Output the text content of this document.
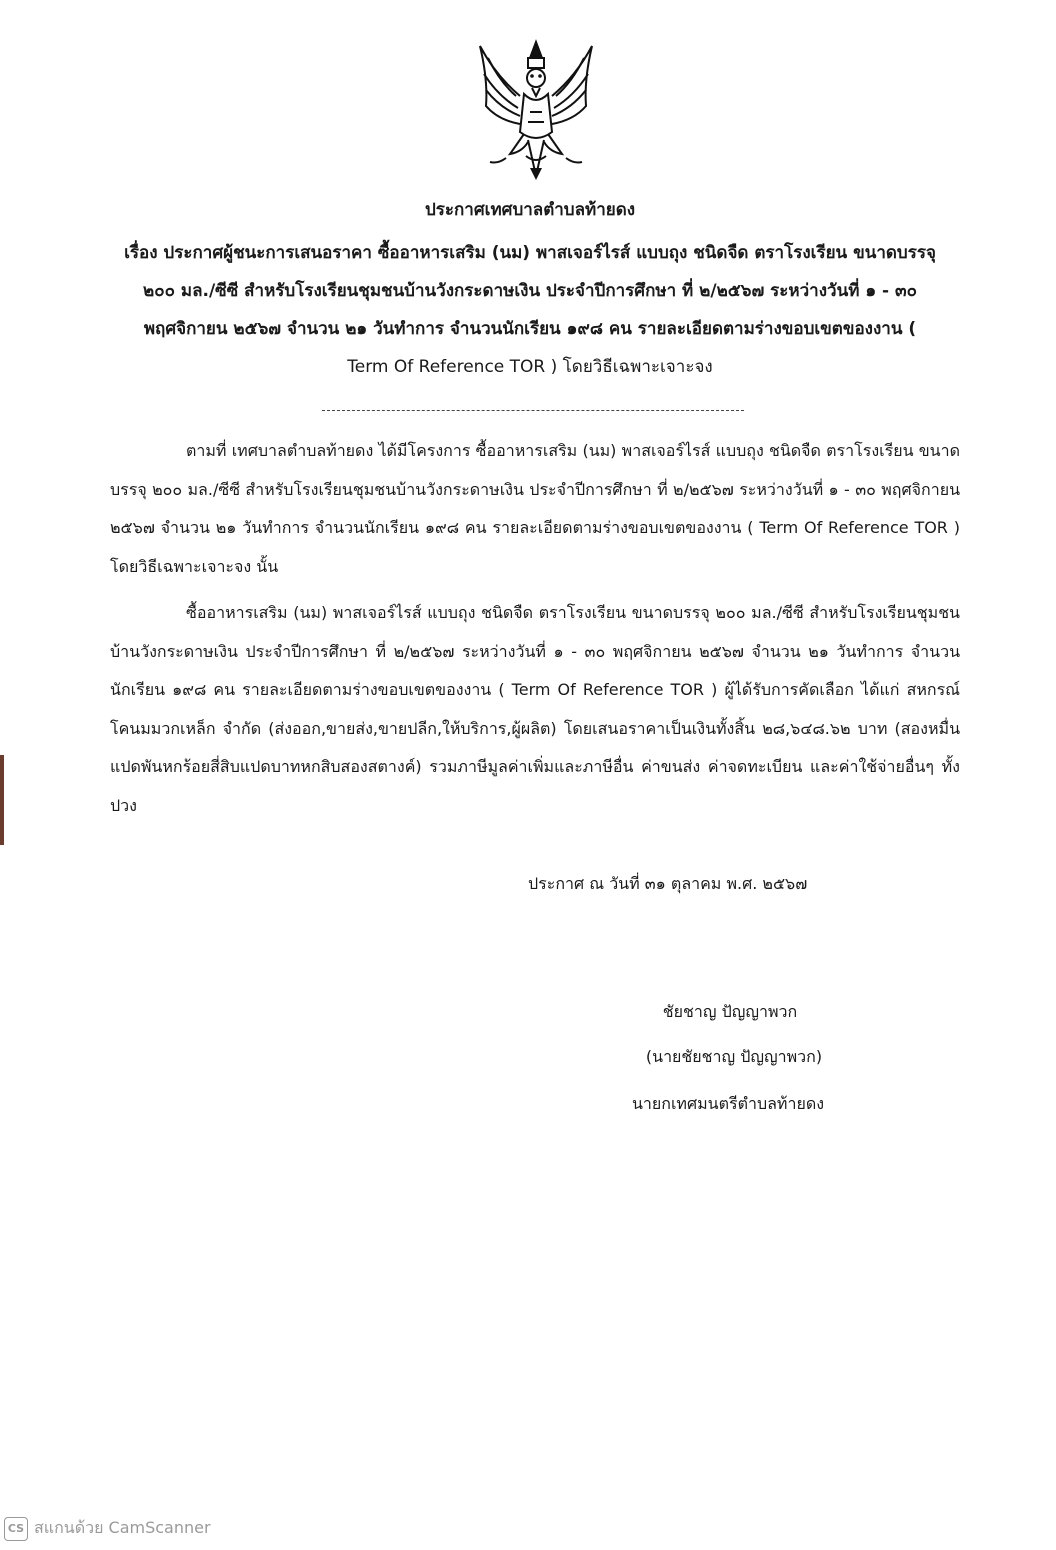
ประกาศเทศบาลตำบลท้ายดง
เรื่อง ประกาศผู้ชนะการเสนอราคา ซื้ออาหารเสริม (นม) พาสเจอร์ไรส์ แบบถุง ชนิดจืด ตราโรงเรียน ขนาดบรรจุ
๒๐๐ มล./ซีซี สำหรับโรงเรียนชุมชนบ้านวังกระดาษเงิน ประจำปีการศึกษา ที่ ๒/๒๕๖๗ ระหว่างวันที่ ๑ - ๓๐
พฤศจิกายน ๒๕๖๗ จำนวน ๒๑ วันทำการ จำนวนนักเรียน ๑๙๘ คน รายละเอียดตามร่างขอบเขตของงาน (
Term Of Reference TOR ) โดยวิธีเฉพาะเจาะจง
ตามที่ เทศบาลตำบลท้ายดง ได้มีโครงการ ซื้ออาหารเสริม (นม) พาสเจอร์ไรส์ แบบถุง ชนิดจืด ตราโรงเรียน ขนาดบรรจุ ๒๐๐ มล./ซีซี สำหรับโรงเรียนชุมชนบ้านวังกระดาษเงิน ประจำปีการศึกษา ที่ ๒/๒๕๖๗ ระหว่างวันที่ ๑ - ๓๐ พฤศจิกายน ๒๕๖๗ จำนวน ๒๑ วันทำการ จำนวนนักเรียน ๑๙๘ คน รายละเอียดตามร่างขอบเขตของงาน ( Term Of Reference TOR ) โดยวิธีเฉพาะเจาะจง นั้น
ซื้ออาหารเสริม (นม) พาสเจอร์ไรส์ แบบถุง ชนิดจืด ตราโรงเรียน ขนาดบรรจุ ๒๐๐ มล./ซีซี สำหรับโรงเรียนชุมชนบ้านวังกระดาษเงิน ประจำปีการศึกษา ที่ ๒/๒๕๖๗ ระหว่างวันที่ ๑ - ๓๐ พฤศจิกายน ๒๕๖๗ จำนวน ๒๑ วันทำการ จำนวนนักเรียน ๑๙๘ คน รายละเอียดตามร่างขอบเขตของงาน ( Term Of Reference TOR ) ผู้ได้รับการคัดเลือก ได้แก่ สหกรณ์โคนมมวกเหล็ก จำกัด (ส่งออก,ขายส่ง,ขายปลีก,ให้บริการ,ผู้ผลิต) โดยเสนอราคาเป็นเงินทั้งสิ้น ๒๘,๖๔๘.๖๒ บาท (สองหมื่นแปดพันหกร้อยสี่สิบแปดบาทหกสิบสองสตางค์) รวมภาษีมูลค่าเพิ่มและภาษีอื่น ค่าขนส่ง ค่าจดทะเบียน และค่าใช้จ่ายอื่นๆ ทั้งปวง
ประกาศ ณ วันที่ ๓๑ ตุลาคม พ.ศ. ๒๕๖๗
ชัยชาญ ปัญญาพวก
(นายชัยชาญ ปัญญาพวก)
นายกเทศมนตรีตำบลท้ายดง
CS สแกนด้วย CamScanner
